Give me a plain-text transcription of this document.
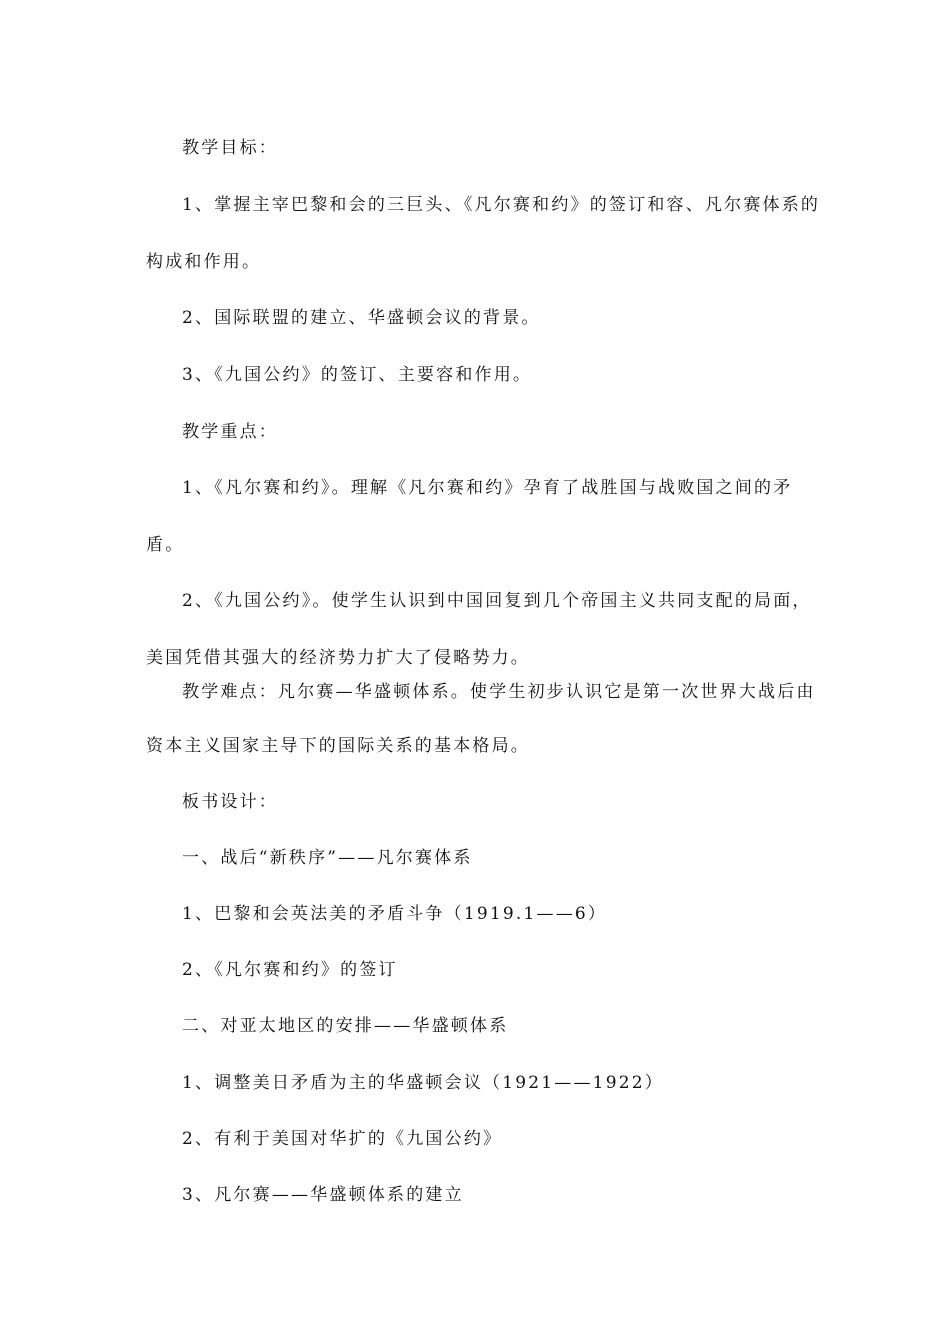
教学目标：

1、掌握主宰巴黎和会的三巨头、《凡尔赛和约》的签订和容、凡尔赛体系的构成和作用。

2、国际联盟的建立、华盛顿会议的背景。

3、《九国公约》的签订、主要容和作用。

教学重点：

1、《凡尔赛和约》。理解《凡尔赛和约》孕育了战胜国与战败国之间的矛盾。

2、《九国公约》。使学生认识到中国回复到几个帝国主义共同支配的局面，美国凭借其强大的经济势力扩大了侵略势力。

教学难点：凡尔赛—华盛顿体系。使学生初步认识它是第一次世界大战后由资本主义国家主导下的国际关系的基本格局。

板书设计：

一、战后“新秩序”——凡尔赛体系

1、巴黎和会英法美的矛盾斗争（1919.1——6）

2、《凡尔赛和约》的签订

二、对亚太地区的安排——华盛顿体系

1、调整美日矛盾为主的华盛顿会议（1921——1922）

2、有利于美国对华扩的《九国公约》

3、凡尔赛——华盛顿体系的建立
